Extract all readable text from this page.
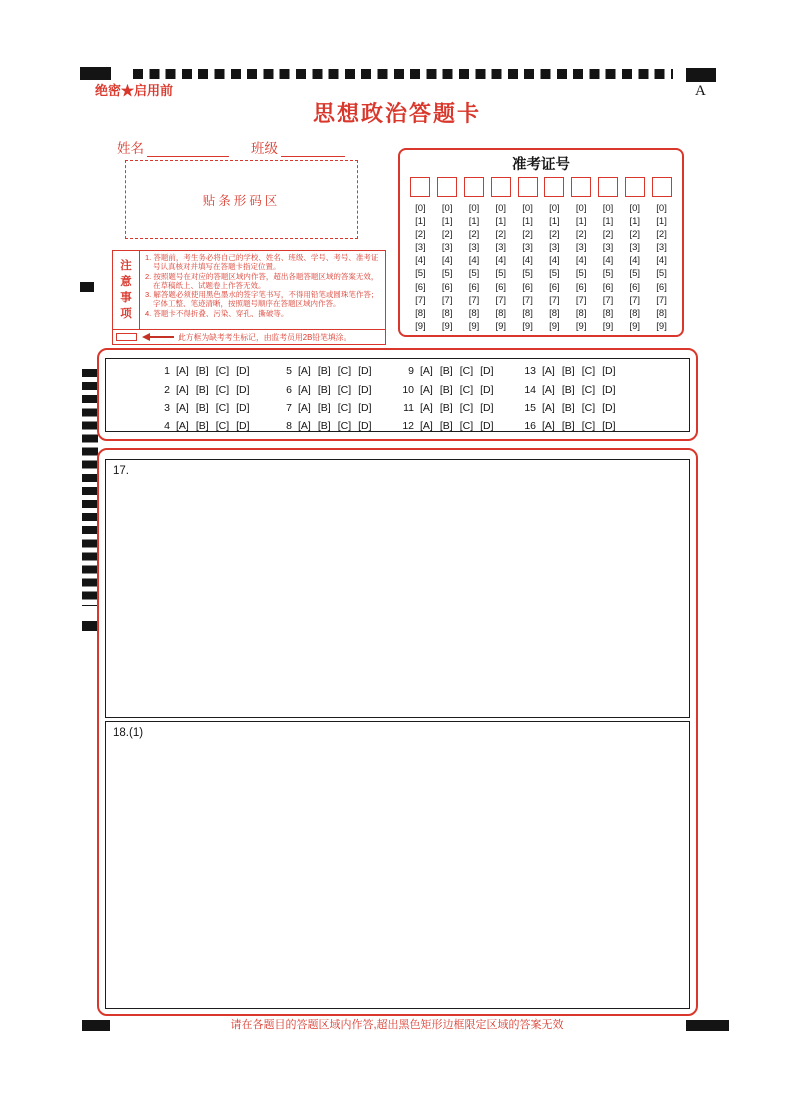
绝密★启用前	A
思想政治答题卡
姓名	班级
贴条形码区
准考证号
[0]	[0]	[0]	[0]	[0]	[0]	[0]	[0]	[0]	[0]
[1]	[1]	[1]	[1]	[1]	[1]	[1]	[1]	[1]	[1]
[2]	[2]	[2]	[2]	[2]	[2]	[2]	[2]	[2]	[2]
[3]	[3]	[3]	[3]	[3]	[3]	[3]	[3]	[3]	[3]
[4]	[4]	[4]	[4]	[4]	[4]	[4]	[4]	[4]	[4]
[5]	[5]	[5]	[5]	[5]	[5]	[5]	[5]	[5]	[5]
[6]	[6]	[6]	[6]	[6]	[6]	[6]	[6]	[6]	[6]
[7]	[7]	[7]	[7]	[7]	[7]	[7]	[7]	[7]	[7]
[8]	[8]	[8]	[8]	[8]	[8]	[8]	[8]	[8]	[8]
[9]	[9]	[9]	[9]	[9]	[9]	[9]	[9]	[9]	[9]
注意事项
1. 答题前，考生务必将自己的学校、姓名、班级、学号、考号、准考证号认真核对并填写在答题卡指定位置。
2. 按照题号在对应的答题区域内作答，超出各题答题区域的答案无效，在草稿纸上、试题卷上作答无效。
3. 解答题必须使用黑色墨水的签字笔书写，不得用铅笔或圆珠笔作答；字体工整、笔迹清晰，按照题号顺序在答题区域内作答。
4. 答题卡不得折叠、污染、穿孔、撕破等。
此方框为缺考考生标记，由监考员用2B铅笔填涂。
1 [A] [B] [C] [D]	5 [A] [B] [C] [D]	9 [A] [B] [C] [D]	13 [A] [B] [C] [D]
2 [A] [B] [C] [D]	6 [A] [B] [C] [D]	10 [A] [B] [C] [D]	14 [A] [B] [C] [D]
3 [A] [B] [C] [D]	7 [A] [B] [C] [D]	11 [A] [B] [C] [D]	15 [A] [B] [C] [D]
4 [A] [B] [C] [D]	8 [A] [B] [C] [D]	12 [A] [B] [C] [D]	16 [A] [B] [C] [D]
17.
18.(1)
请在各题目的答题区域内作答,超出黑色矩形边框限定区域的答案无效
